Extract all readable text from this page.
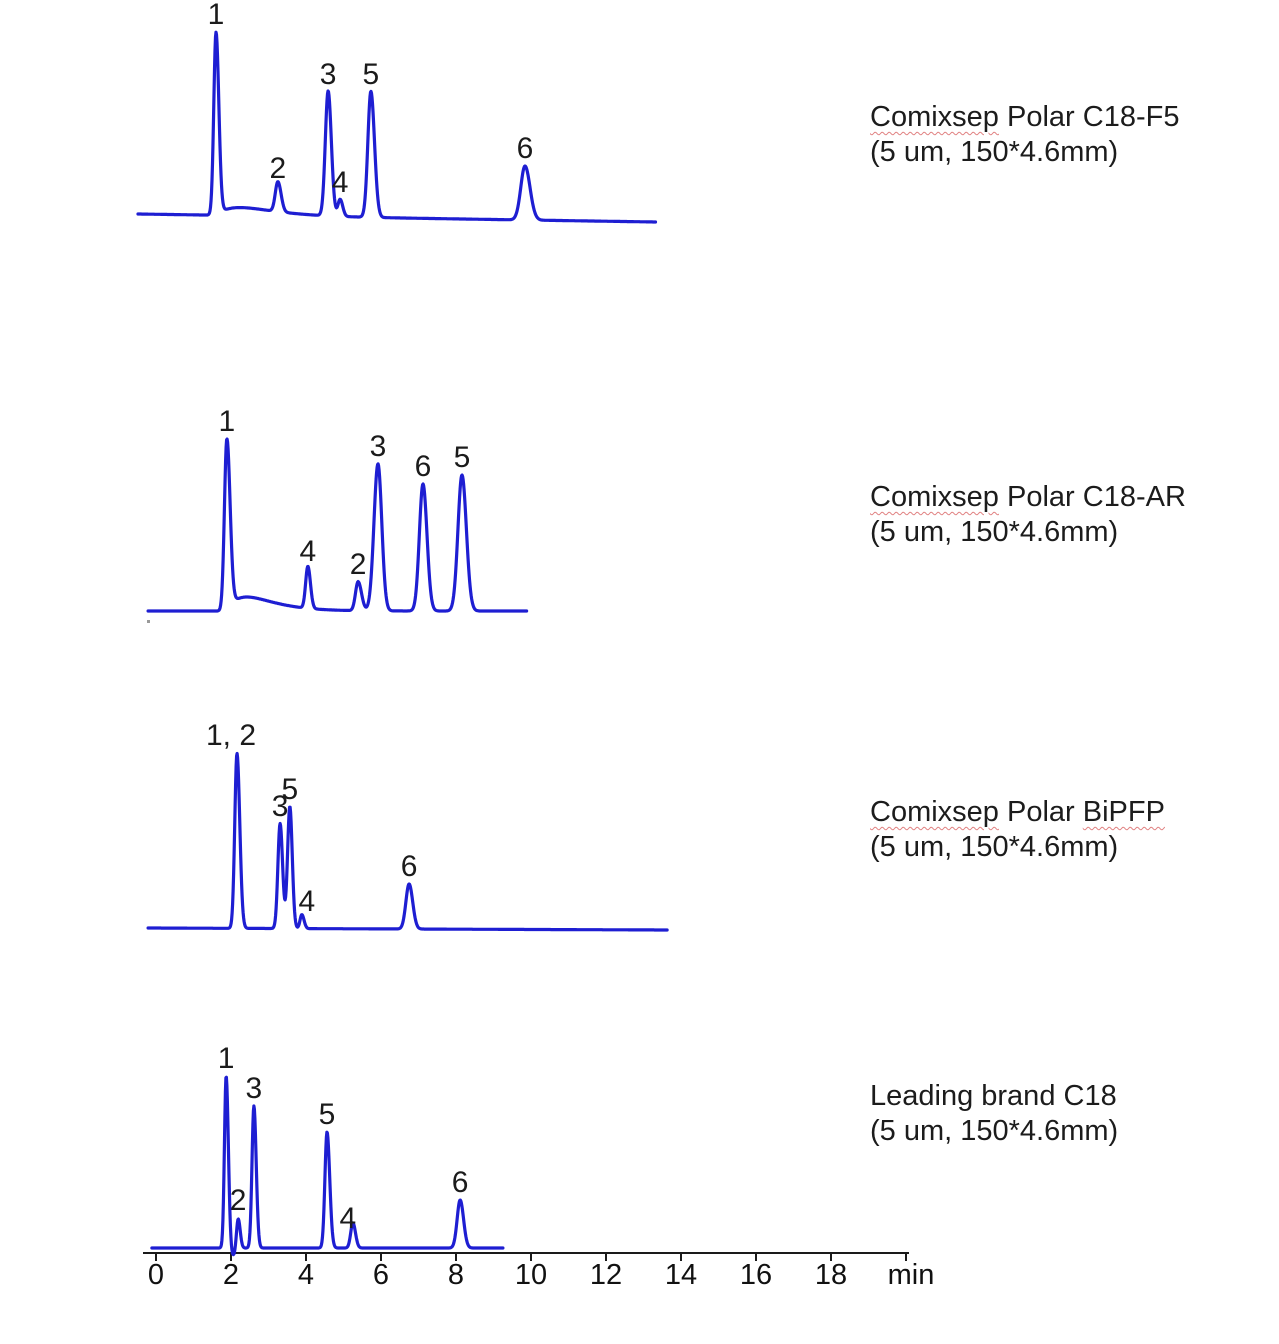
0 2 4 6 8 10 12 14 16 18 min
1
2
3
4
5
6
1
4 2
3
6 5
1, 2
3
5
4
6
1
2
3
5
4
6
Comixsep Polar C18-F5
(5 um, 150*4.6mm)
Comixsep Polar C18-AR
(5 um, 150*4.6mm)
Comixsep Polar BiPFP
(5 um, 150*4.6mm)
Leading brand C18
(5 um, 150*4.6mm)
